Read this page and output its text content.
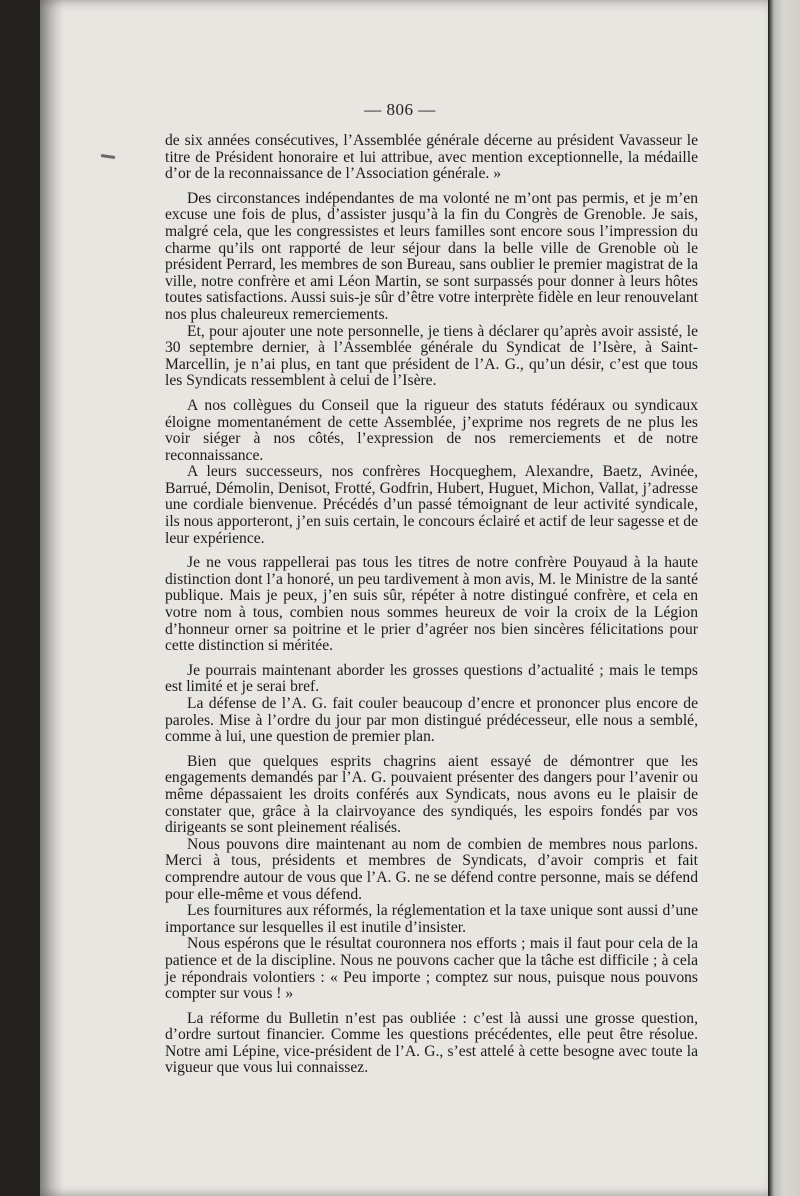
— 806 —

de six années consécutives, l’Assemblée générale décerne au président Vavasseur le titre de Président honoraire et lui attribue, avec mention exceptionnelle, la médaille d’or de la reconnaissance de l’Association générale. »

Des circonstances indépendantes de ma volonté ne m’ont pas permis, et je m’en excuse une fois de plus, d’assister jusqu’à la fin du Congrès de Grenoble. Je sais, malgré cela, que les congressistes et leurs familles sont encore sous l’impression du charme qu’ils ont rapporté de leur séjour dans la belle ville de Grenoble où le président Perrard, les membres de son Bureau, sans oublier le premier magistrat de la ville, notre confrère et ami Léon Martin, se sont surpassés pour donner à leurs hôtes toutes satisfactions. Aussi suis-je sûr d’être votre interprète fidèle en leur renouvelant nos plus chaleureux remerciements.

Et, pour ajouter une note personnelle, je tiens à déclarer qu’après avoir assisté, le 30 septembre dernier, à l’Assemblée générale du Syndicat de l’Isère, à Saint-Marcellin, je n’ai plus, en tant que président de l’A. G., qu’un désir, c’est que tous les Syndicats ressemblent à celui de l’Isère.

A nos collègues du Conseil que la rigueur des statuts fédéraux ou syndicaux éloigne momentanément de cette Assemblée, j’exprime nos regrets de ne plus les voir siéger à nos côtés, l’expression de nos remerciements et de notre reconnaissance.

A leurs successeurs, nos confrères Hocqueghem, Alexandre, Baetz, Avinée, Barrué, Démolin, Denisot, Frotté, Godfrin, Hubert, Huguet, Michon, Vallat, j’adresse une cordiale bienvenue. Précédés d’un passé témoignant de leur activité syndicale, ils nous apporteront, j’en suis certain, le concours éclairé et actif de leur sagesse et de leur expérience.

Je ne vous rappellerai pas tous les titres de notre confrère Pouyaud à la haute distinction dont l’a honoré, un peu tardivement à mon avis, M. le Ministre de la santé publique. Mais je peux, j’en suis sûr, répéter à notre distingué confrère, et cela en votre nom à tous, combien nous sommes heureux de voir la croix de la Légion d’honneur orner sa poitrine et le prier d’agréer nos bien sincères félicitations pour cette distinction si méritée.

Je pourrais maintenant aborder les grosses questions d’actualité ; mais le temps est limité et je serai bref.

La défense de l’A. G. fait couler beaucoup d’encre et prononcer plus encore de paroles. Mise à l’ordre du jour par mon distingué prédécesseur, elle nous a semblé, comme à lui, une question de premier plan.

Bien que quelques esprits chagrins aient essayé de démontrer que les engagements demandés par l’A. G. pouvaient présenter des dangers pour l’avenir ou même dépassaient les droits conférés aux Syndicats, nous avons eu le plaisir de constater que, grâce à la clairvoyance des syndiqués, les espoirs fondés par vos dirigeants se sont pleinement réalisés.

Nous pouvons dire maintenant au nom de combien de membres nous parlons. Merci à tous, présidents et membres de Syndicats, d’avoir compris et fait comprendre autour de vous que l’A. G. ne se défend contre personne, mais se défend pour elle-même et vous défend.

Les fournitures aux réformés, la réglementation et la taxe unique sont aussi d’une importance sur lesquelles il est inutile d’insister.

Nous espérons que le résultat couronnera nos efforts ; mais il faut pour cela de la patience et de la discipline. Nous ne pouvons cacher que la tâche est difficile ; à cela je répondrais volontiers : « Peu importe ; comptez sur nous, puisque nous pouvons compter sur vous ! »

La réforme du Bulletin n’est pas oubliée : c’est là aussi une grosse question, d’ordre surtout financier. Comme les questions précédentes, elle peut être résolue. Notre ami Lépine, vice-président de l’A. G., s’est attelé à cette besogne avec toute la vigueur que vous lui connaissez.
